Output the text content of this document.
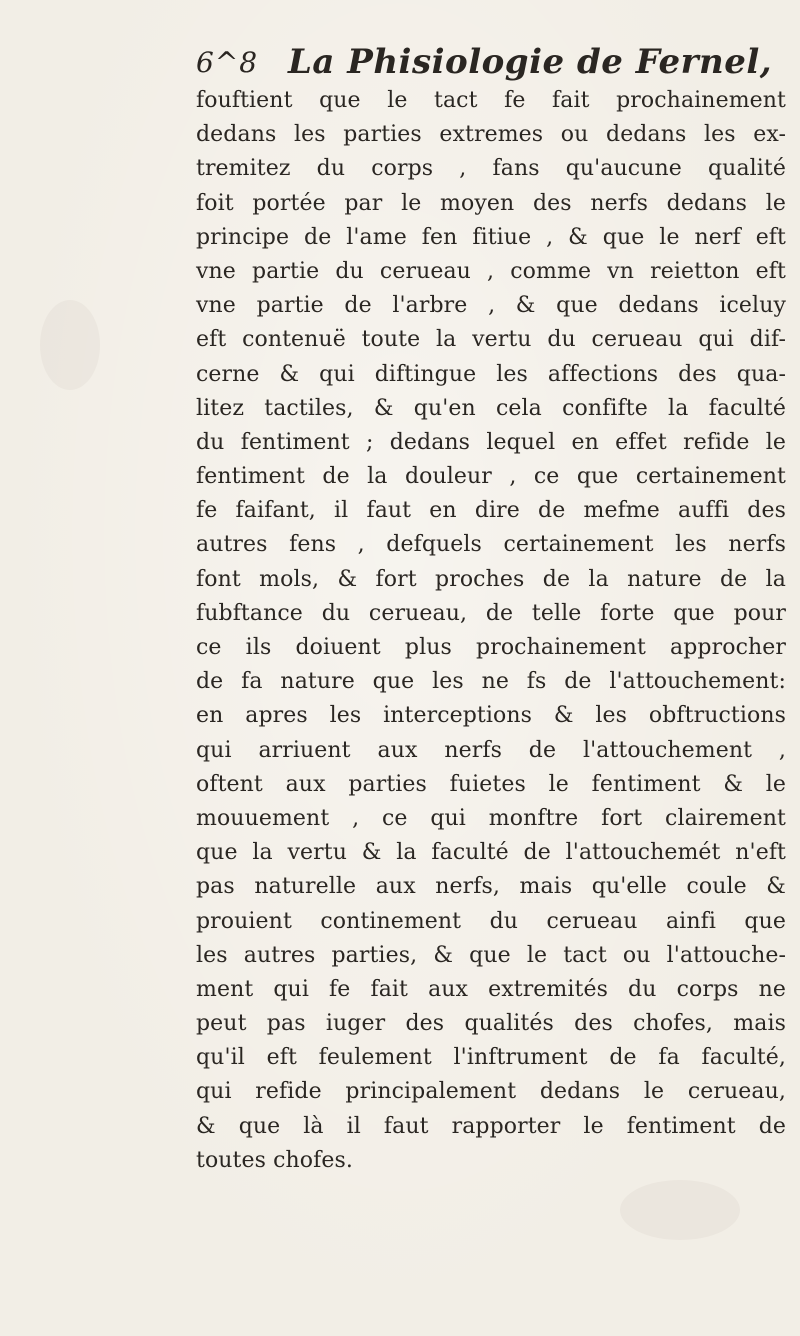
6^8 La Phisiologie de Fernel,
fouftient que le tact fe fait prochainement
dedans les parties extremes ou dedans les ex-
tremitez du corps , fans qu'aucune qualité
foit portée par le moyen des nerfs dedans le
principe de l'ame fen fitiue , & que le nerf eft
vne partie du cerueau , comme vn reietton eft
vne partie de l'arbre , & que dedans iceluy
eft contenuë toute la vertu du cerueau qui dif-
cerne & qui diftingue les affections des qua-
litez tactiles, & qu'en cela confifte la faculté
du fentiment ; dedans lequel en effet refide le
fentiment de la douleur , ce que certainement
fe faifant, il faut en dire de mefme auffi des
autres fens , defquels certainement les nerfs
font mols, & fort proches de la nature de la
fubftance du cerueau, de telle forte que pour
ce ils doiuent plus prochainement approcher
de fa nature que les ne fs de l'attouchement:
en apres les interceptions & les obftructions
qui arriuent aux nerfs de l'attouchement ,
oftent aux parties fuietes le fentiment & le
mouuement , ce qui monftre fort clairement
que la vertu & la faculté de l'attouchemét n'eft
pas naturelle aux nerfs, mais qu'elle coule &
prouient continement du cerueau ainfi que
les autres parties, & que le tact ou l'attouche-
ment qui fe fait aux extremités du corps ne
peut pas iuger des qualités des chofes, mais
qu'il eft feulement l'inftrument de fa faculté,
qui refide principalement dedans le cerueau,
& que là il faut rapporter le fentiment de
toutes chofes.
